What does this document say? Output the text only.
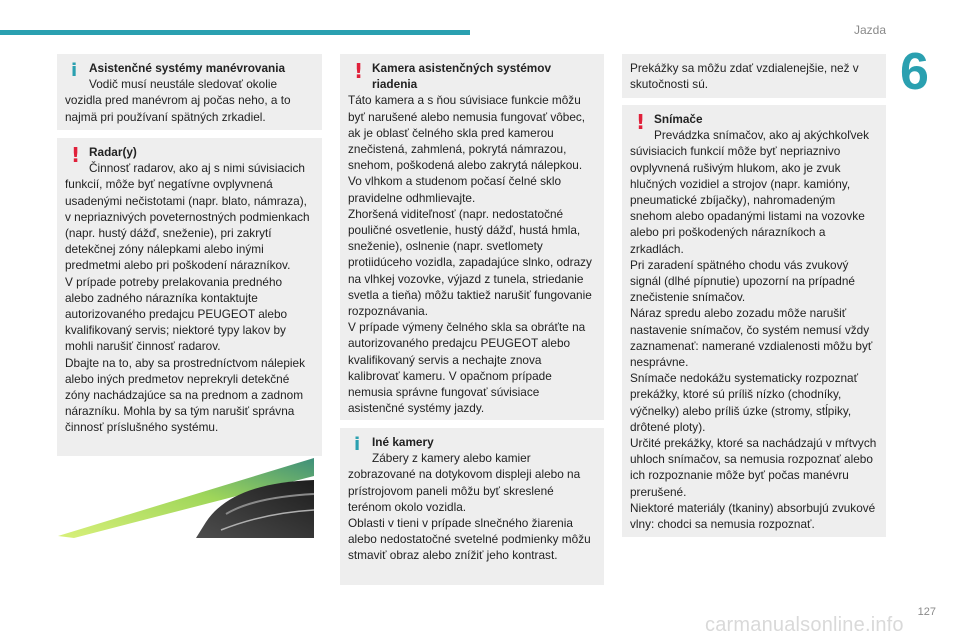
Jazda
6
i	Asistenčné systémy manévrovania
Vodič musí neustále sledovať okolie
vozidla pred manévrom aj počas neho, a to najmä pri používaní spätných zrkadiel.
! Radar(y)
Činnosť radarov, ako aj s nimi súvisiacich
funkcií, môže byť negatívne ovplyvnená usadenými nečistotami (napr. blato, námraza), v nepriaznivých poveternostných podmienkach (napr. hustý dážď, sneženie), pri zakrytí detekčnej zóny nálepkami alebo inými predmetmi alebo pri poškodení nárazníkov.
V prípade potreby prelakovania predného alebo zadného nárazníka kontaktujte autorizovaného predajcu PEUGEOT alebo kvalifikovaný servis; niektoré typy lakov by mohli narušiť činnosť radarov.
Dbajte na to, aby sa prostredníctvom nálepiek alebo iných predmetov neprekryli detekčné zóny nachádzajúce sa na prednom a zadnom nárazníku. Mohla by sa tým narušiť správna činnosť príslušného systému.
! Kamera asistenčných systémov riadenia
Táto kamera a s ňou súvisiace funkcie môžu byť narušené alebo nemusia fungovať vôbec, ak je oblasť čelného skla pred kamerou znečistená, zahmlená, pokrytá námrazou, snehom, poškodená alebo zakrytá nálepkou.
Vo vlhkom a studenom počasí čelné sklo pravidelne odhmlievajte.
Zhoršená viditeľnosť (napr. nedostatočné pouličné osvetlenie, hustý dážď, hustá hmla, sneženie), oslnenie (napr. svetlomety protiidúceho vozidla, zapadajúce slnko, odrazy na vlhkej vozovke, výjazd z tunela, striedanie svetla a tieňa) môžu taktiež narušiť fungovanie rozpoznávania.
V prípade výmeny čelného skla sa obráťte na autorizovaného predajcu PEUGEOT alebo kvalifikovaný servis a nechajte znova kalibrovať kameru. V opačnom prípade nemusia správne fungovať súvisiace asistenčné systémy jazdy.
i	Iné kamery
Zábery z kamery alebo kamier
zobrazované na dotykovom displeji alebo na prístrojovom paneli môžu byť skreslené terénom okolo vozidla.
Oblasti v tieni v prípade slnečného žiarenia alebo nedostatočné svetelné podmienky môžu stmaviť obraz alebo znížiť jeho kontrast.
Prekážky sa môžu zdať vzdialenejšie, než v skutočnosti sú.
! Snímače
Prevádzka snímačov, ako aj akýchkoľvek
súvisiacich funkcií môže byť nepriaznivo ovplyvnená rušivým hlukom, ako je zvuk hlučných vozidiel a strojov (napr. kamióny, pneumatické zbíjačky), nahromadeným snehom alebo opadanými listami na vozovke alebo pri poškodených nárazníkoch a zrkadlách.
Pri zaradení spätného chodu vás zvukový signál (dlhé pípnutie) upozorní na prípadné znečistenie snímačov.
Náraz spredu alebo zozadu môže narušiť nastavenie snímačov, čo systém nemusí vždy zaznamenať: namerané vzdialenosti môžu byť nesprávne.
Snímače nedokážu systematicky rozpoznať prekážky, ktoré sú príliš nízko (chodníky, výčnelky) alebo príliš úzke (stromy, stĺpiky, drôtené ploty).
Určité prekážky, ktoré sa nachádzajú v mŕtvych uhloch snímačov, sa nemusia rozpoznať alebo ich rozpoznanie môže byť počas manévru prerušené.
Niektoré materiály (tkaniny) absorbujú zvukové vlny: chodci sa nemusia rozpoznať.
127
carmanualsonline.info
